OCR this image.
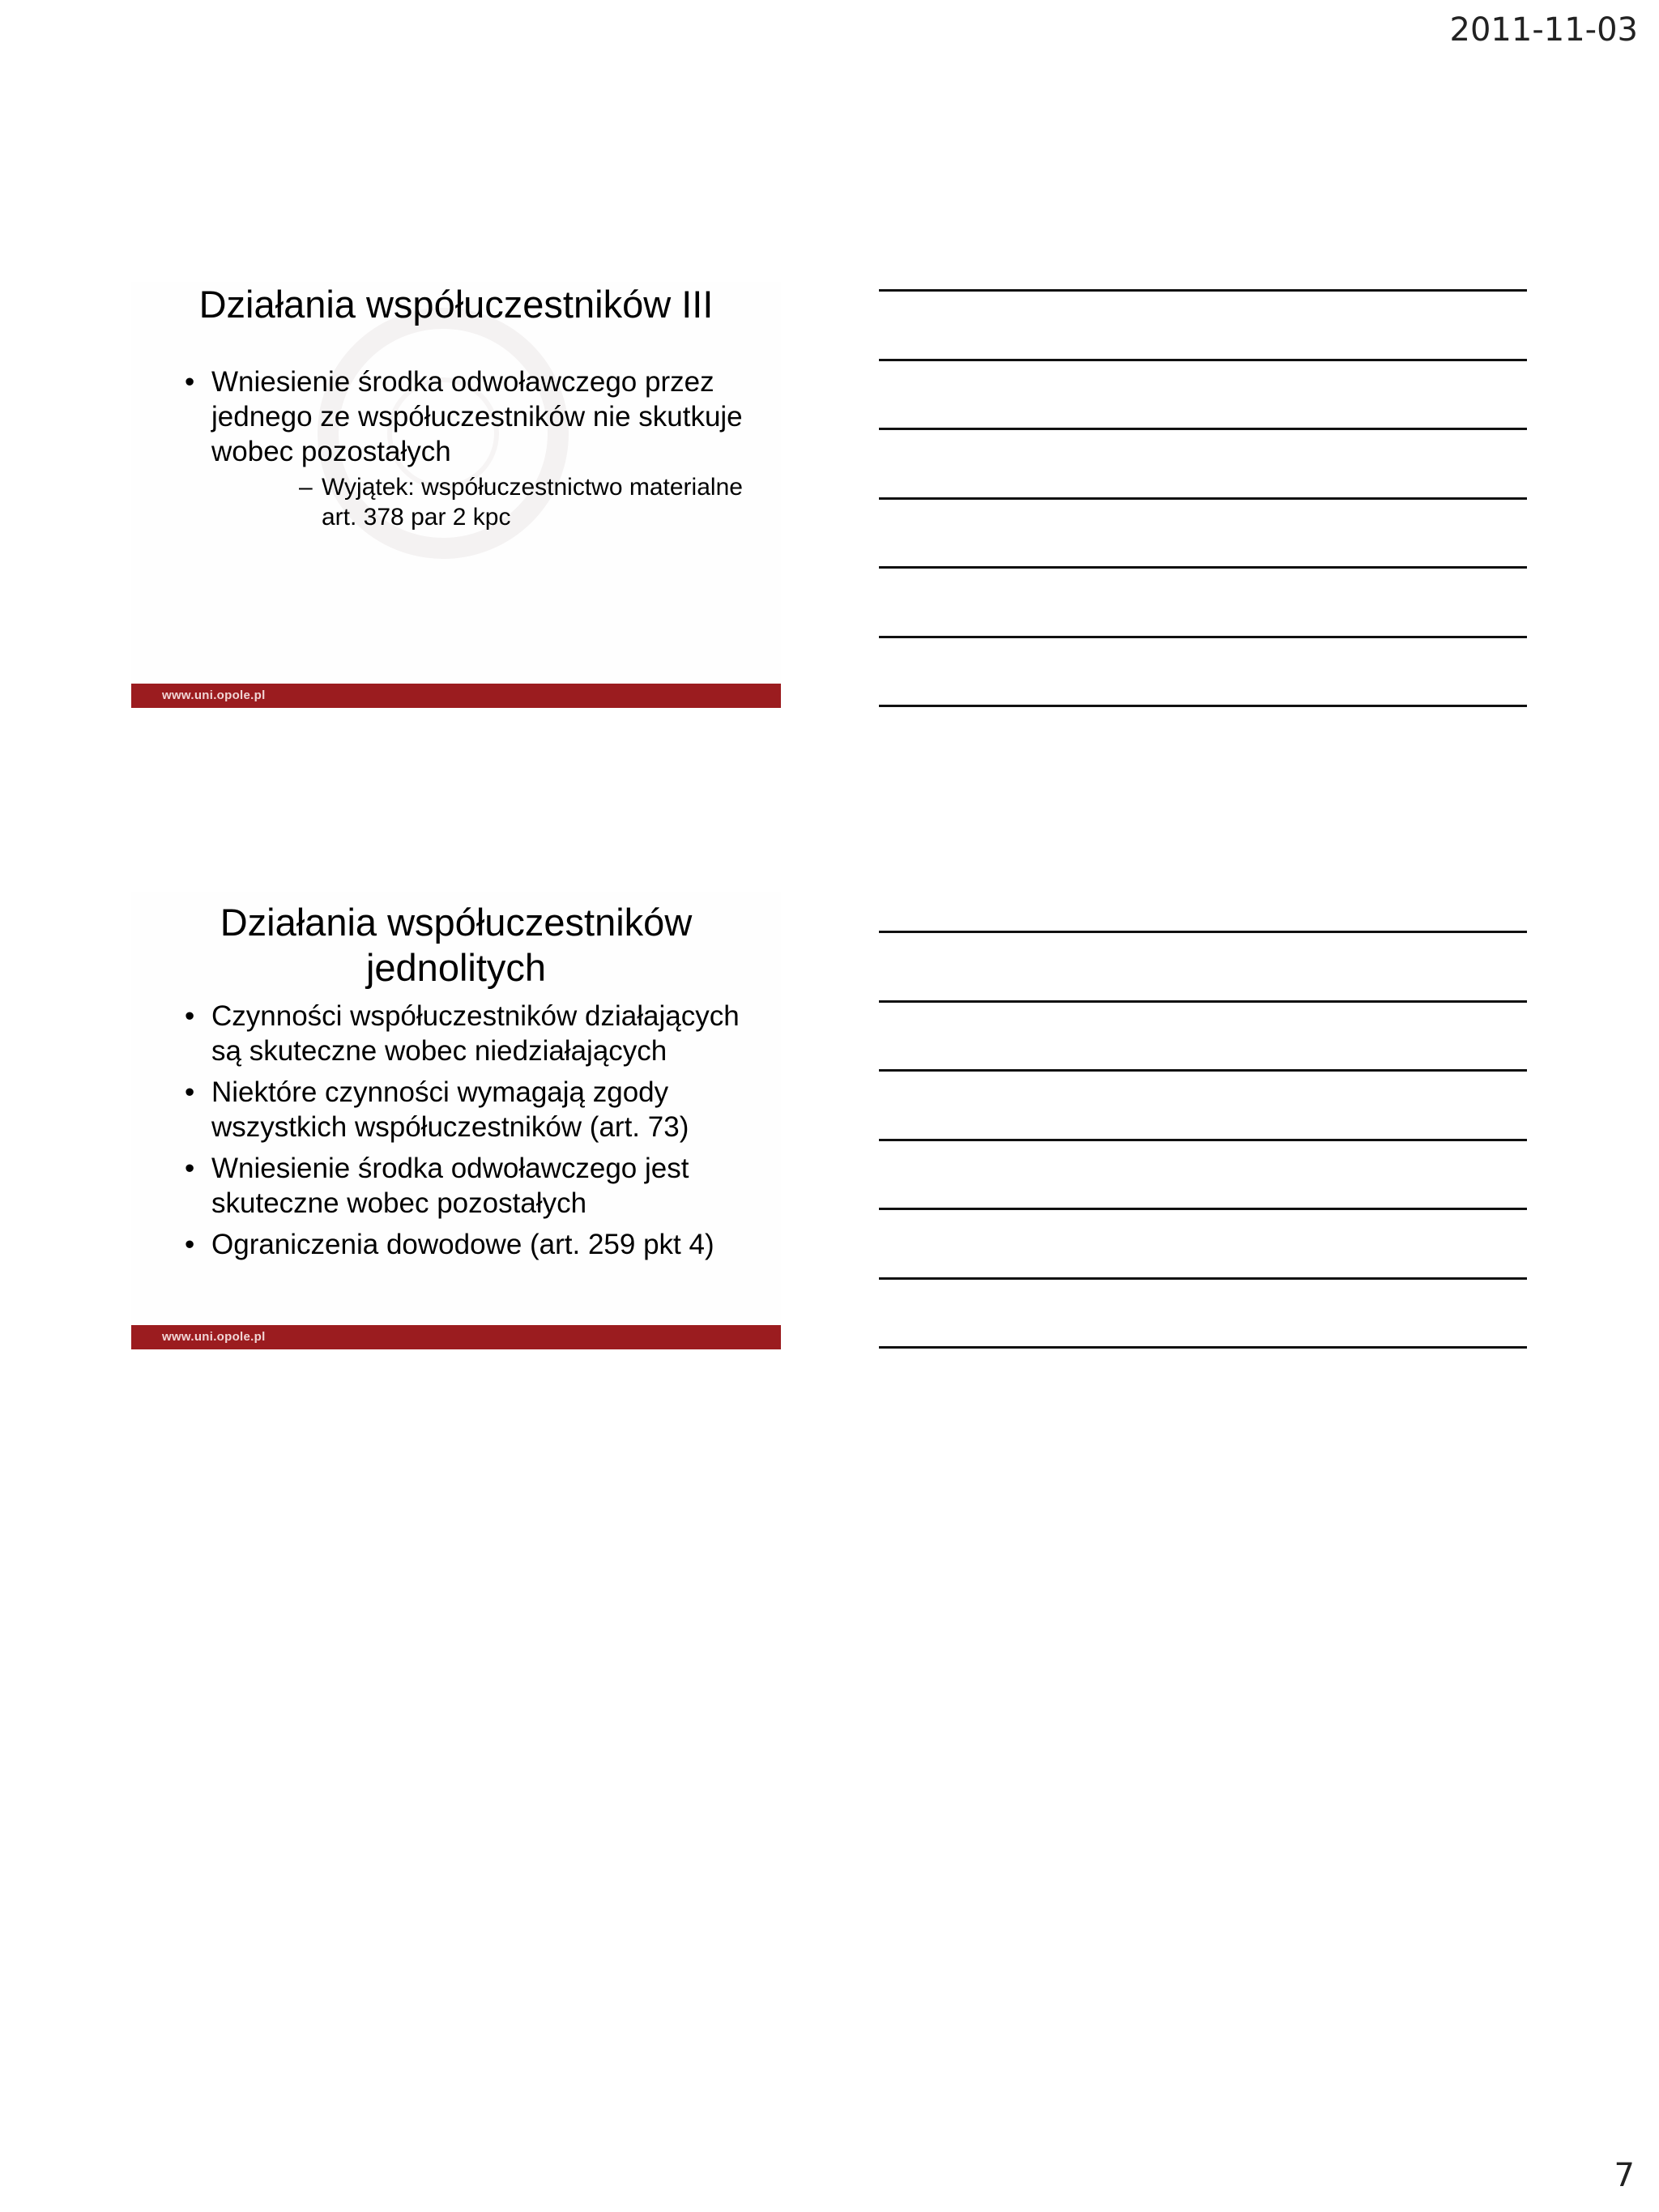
2011-11-03
Działania współuczestników III
• Wniesienie środka odwoławczego przez jednego ze współuczestników nie skutkuje wobec pozostałych
– Wyjątek: współuczestnictwo materialne art. 378 par 2 kpc
www.uni.opole.pl
Działania współuczestników jednolitych
• Czynności współuczestników działających są skuteczne wobec niedziałających
• Niektóre czynności wymagają zgody wszystkich współuczestników (art. 73)
• Wniesienie środka odwoławczego jest skuteczne wobec pozostałych
• Ograniczenia dowodowe (art. 259 pkt 4)
www.uni.opole.pl
7
